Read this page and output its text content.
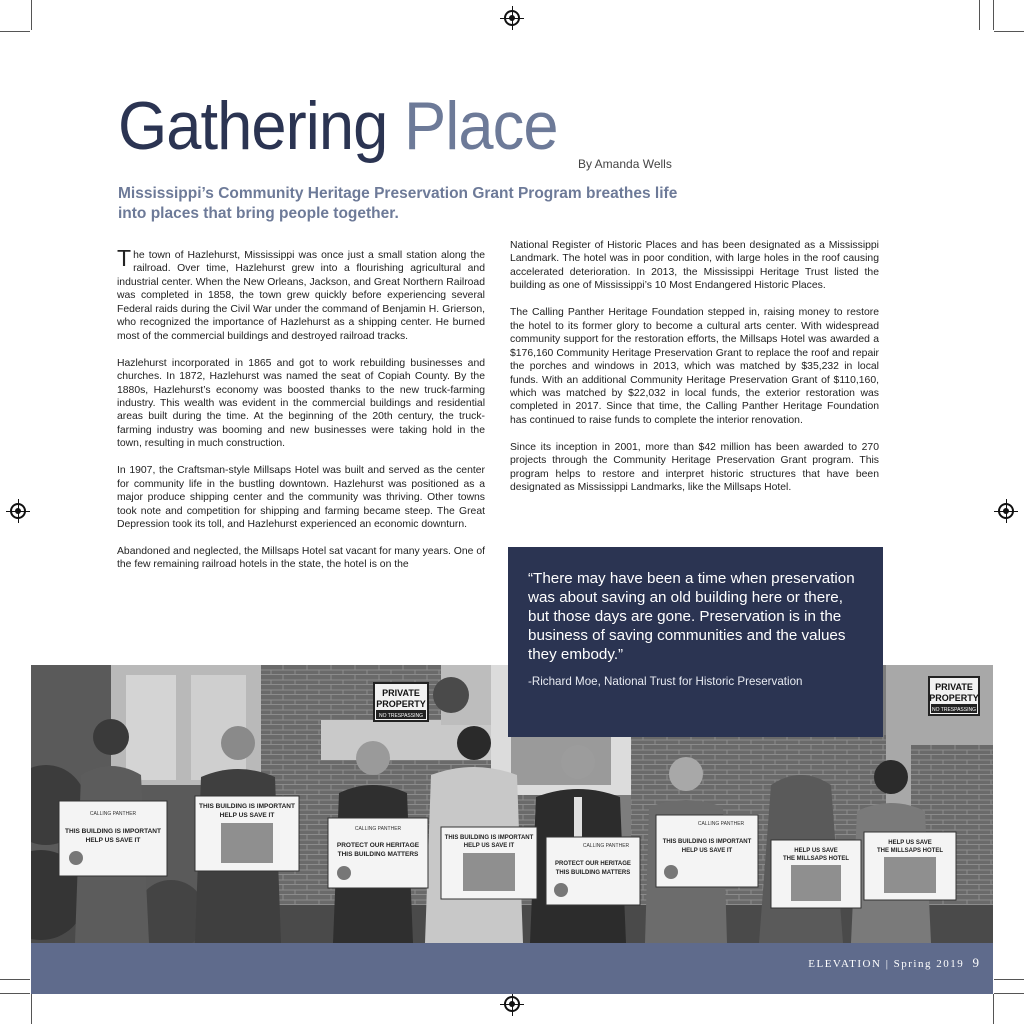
Gathering Place By Amanda Wells

Mississippi’s Community Heritage Preservation Grant Program breathes life into places that bring people together.

The town of Hazlehurst, Mississippi was once just a small station along the railroad. Over time, Hazlehurst grew into a flourishing agricultural and industrial center. When the New Orleans, Jackson, and Great Northern Railroad was completed in 1858, the town grew quickly before experiencing several Federal raids during the Civil War under the command of Benjamin H. Grierson, who recognized the importance of Hazlehurst as a shipping center. He burned most of the commercial buildings and destroyed railroad tracks.

Hazlehurst incorporated in 1865 and got to work rebuilding businesses and churches. In 1872, Hazlehurst was named the seat of Copiah County. By the 1880s, Hazlehurst’s economy was boosted thanks to the new truck-farming industry. This wealth was evident in the commercial buildings and residential areas built during the time. At the beginning of the 20th century, the truck-farming industry was booming and new businesses were taking hold in the town, resulting in much construction.

In 1907, the Craftsman-style Millsaps Hotel was built and served as the center for community life in the bustling downtown. Hazlehurst was positioned as a major produce shipping center and the community was thriving. Other towns took note and competition for shipping and farming became steep. The Great Depression took its toll, and Hazlehurst experienced an economic downturn.

Abandoned and neglected, the Millsaps Hotel sat vacant for many years. One of the few remaining railroad hotels in the state, the hotel is on the

National Register of Historic Places and has been designated as a Mississippi Landmark. The hotel was in poor condition, with large holes in the roof causing accelerated deterioration. In 2013, the Mississippi Heritage Trust listed the building as one of Mississippi’s 10 Most Endangered Historic Places.

The Calling Panther Heritage Foundation stepped in, raising money to restore the hotel to its former glory to become a cultural arts center. With widespread community support for the restoration efforts, the Millsaps Hotel was awarded a $176,160 Community Heritage Preservation Grant to replace the roof and repair the porches and windows in 2013, which was matched by $35,232 in local funds. With an additional Community Heritage Preservation Grant of $110,160, which was matched by $22,032 in local funds, the exterior restoration was completed in 2017. Since that time, the Calling Panther Heritage Foundation has continued to raise funds to complete the interior renovation.

Since its inception in 2001, more than $42 million has been awarded to 270 projects through the Community Heritage Preservation Grant program. This program helps to restore and interpret historic structures that have been designated as Mississippi Landmarks, like the Millsaps Hotel.

PRIVATE
PROPERTY
NO TRESPASSING
PRIVATE
PROPERTY
NO TRESPASSING
CALLING PANTHER
THIS BUILDING IS IMPORTANT
HELP US SAVE IT
THIS BUILDING IS IMPORTANT
HELP US SAVE IT
CALLING PANTHER
PROTECT OUR HERITAGE
THIS BUILDING MATTERS
THIS BUILDING IS IMPORTANT
HELP US SAVE IT	CALLING PANTHER
PROTECT OUR HERITAGE
THIS BUILDING MATTERS
CALLING PANTHER
THIS BUILDING IS IMPORTANT
HELP US SAVE IT	HELP US SAVE
THE MILLSAPS HOTEL
HELP US SAVE
THE MILLSAPS HOTEL

“There may have been a time when preservation was about saving an old building here or there, but those days are gone. Preservation is in the business of saving communities and the values they embody.”

-Richard Moe, National Trust for Historic Preservation

ELEVATION | Spring 2019 9
